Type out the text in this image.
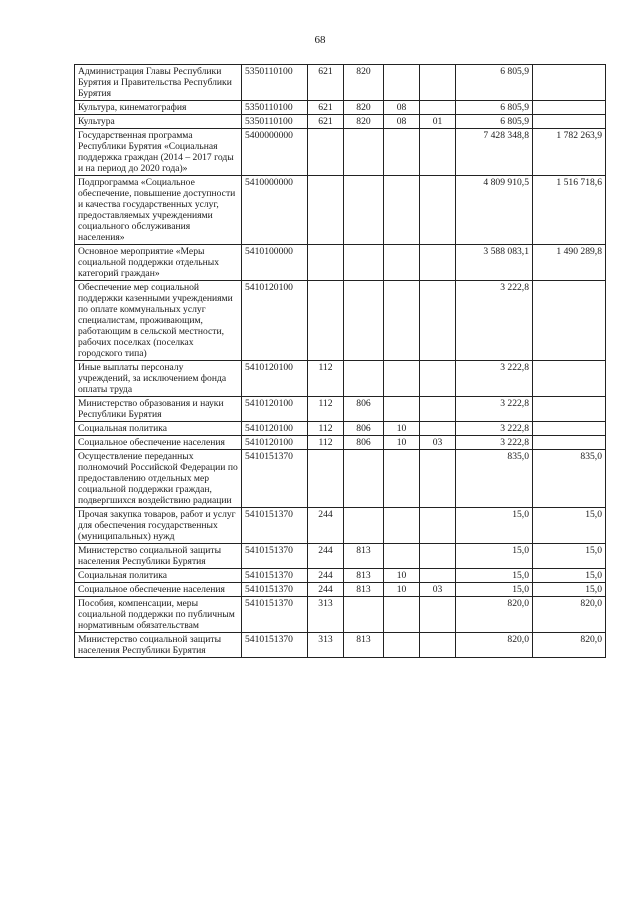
68
Администрация Главы Республики Бурятия и Правительства Республики Бурятия	5350110100	621	820			6 805,9	
Культура, кинематография	5350110100	621	820	08		6 805,9	
Культура	5350110100	621	820	08	01	6 805,9	
Государственная программа Республики Бурятия «Социальная поддержка граждан (2014 – 2017 годы и на период до 2020 года)»	5400000000					7 428 348,8	1 782 263,9
Подпрограмма «Социальное обеспечение, повышение доступности и качества государственных услуг, предоставляемых учреждениями социального обслуживания населения»	5410000000					4 809 910,5	1 516 718,6
Основное мероприятие «Меры социальной поддержки отдельных категорий граждан»	5410100000					3 588 083,1	1 490 289,8
Обеспечение мер социальной поддержки казенными учреждениями по оплате коммунальных услуг специалистам, проживающим, работающим в сельской местности, рабочих поселках (поселках городского типа)	5410120100					3 222,8	
Иные выплаты персоналу учреждений, за исключением фонда оплаты труда	5410120100	112				3 222,8	
Министерство образования и науки Республики Бурятия	5410120100	112	806			3 222,8	
Социальная политика	5410120100	112	806	10		3 222,8	
Социальное обеспечение населения	5410120100	112	806	10	03	3 222,8	
Осуществление переданных полномочий Российской Федерации по предоставлению отдельных мер социальной поддержки граждан, подвергшихся воздействию радиации	5410151370					835,0	835,0
Прочая закупка товаров, работ и услуг для обеспечения государственных (муниципальных) нужд	5410151370	244				15,0	15,0
Министерство социальной защиты населения Республики Бурятия	5410151370	244	813			15,0	15,0
Социальная политика	5410151370	244	813	10		15,0	15,0
Социальное обеспечение населения	5410151370	244	813	10	03	15,0	15,0
Пособия, компенсации, меры социальной поддержки по публичным нормативным обязательствам	5410151370	313				820,0	820,0
Министерство социальной защиты населения Республики Бурятия	5410151370	313	813			820,0	820,0
